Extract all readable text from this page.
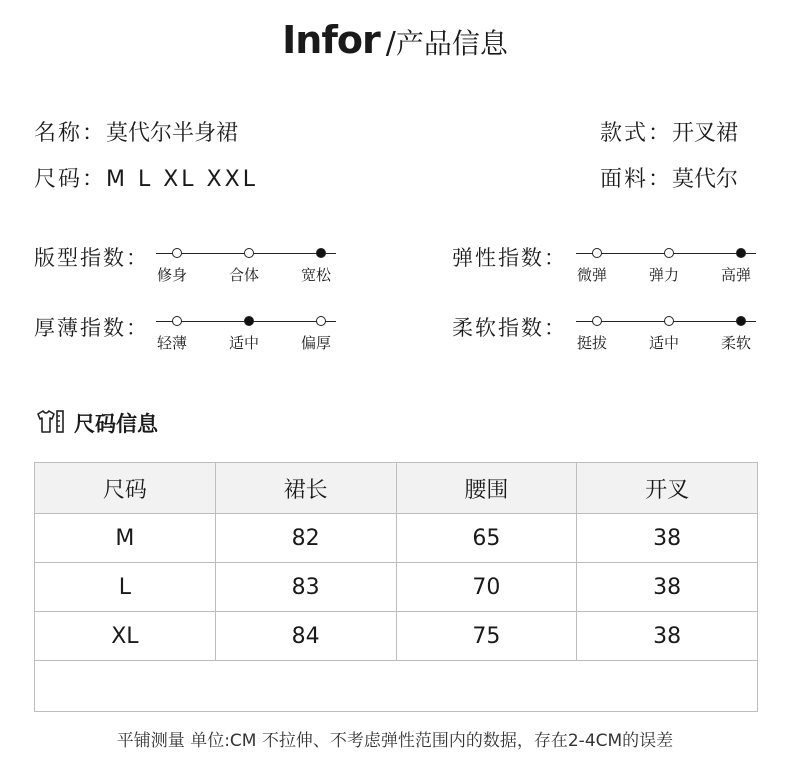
Infor /产品信息
名称：莫代尔半身裙	款式：开叉裙
尺码：M L XL XXL	面料：莫代尔
版型指数：
修身	合体	宽松
弹性指数：
微弹	弹力	高弹
厚薄指数：
轻薄	适中	偏厚
柔软指数：
挺拔	适中	柔软
尺码信息
尺码	裙长	腰围	开叉
M	82	65	38
L	83	70	38
XL	84	75	38

平铺测量 单位:CM 不拉伸、不考虑弹性范围内的数据，存在2-4CM的误差
